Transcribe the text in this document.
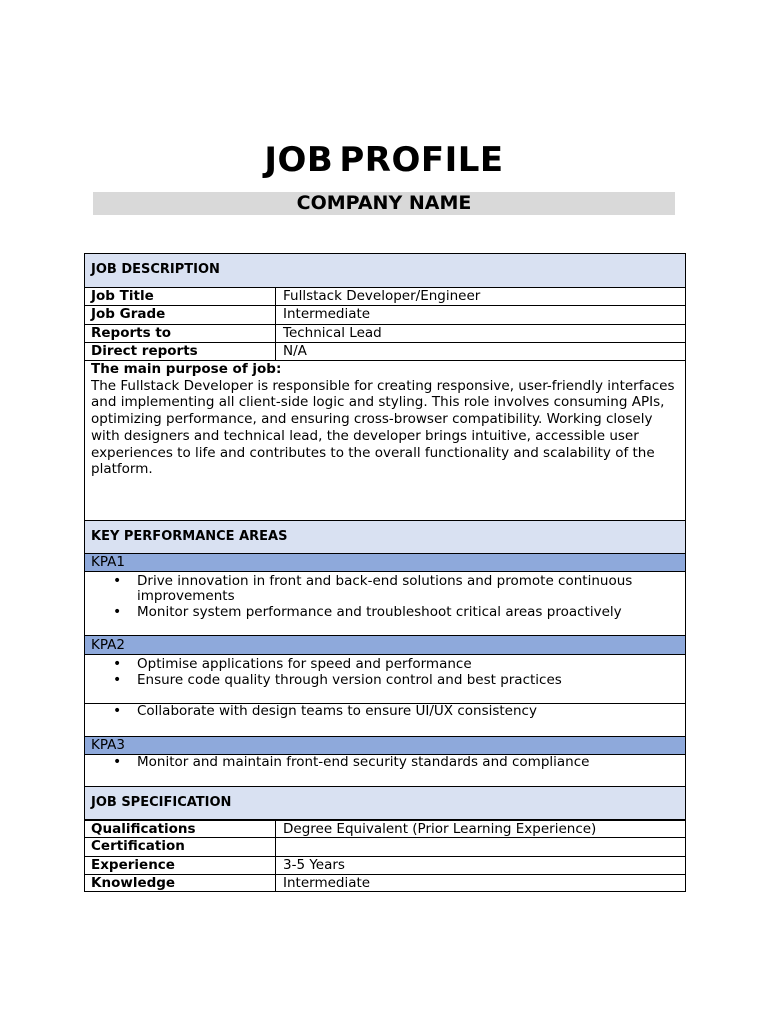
JOB PROFILE
COMPANY NAME
JOB DESCRIPTION
Job Title	Fullstack Developer/Engineer
Job Grade	Intermediate
Reports to	Technical Lead
Direct reports	N/A
The main purpose of job:
The Fullstack Developer is responsible for creating responsive, user-friendly interfaces and implementing all client-side logic and styling. This role involves consuming APIs, optimizing performance, and ensuring cross-browser compatibility. Working closely with designers and technical lead, the developer brings intuitive, accessible user experiences to life and contributes to the overall functionality and scalability of the platform.
KEY PERFORMANCE AREAS
KPA1
• Drive innovation in front and back-end solutions and promote continuous improvements
• Monitor system performance and troubleshoot critical areas proactively
KPA2
• Optimise applications for speed and performance
• Ensure code quality through version control and best practices
• Collaborate with design teams to ensure UI/UX consistency
KPA3
• Monitor and maintain front-end security standards and compliance
JOB SPECIFICATION
Qualifications	Degree Equivalent (Prior Learning Experience)
Certification
Experience	3-5 Years
Knowledge	Intermediate
